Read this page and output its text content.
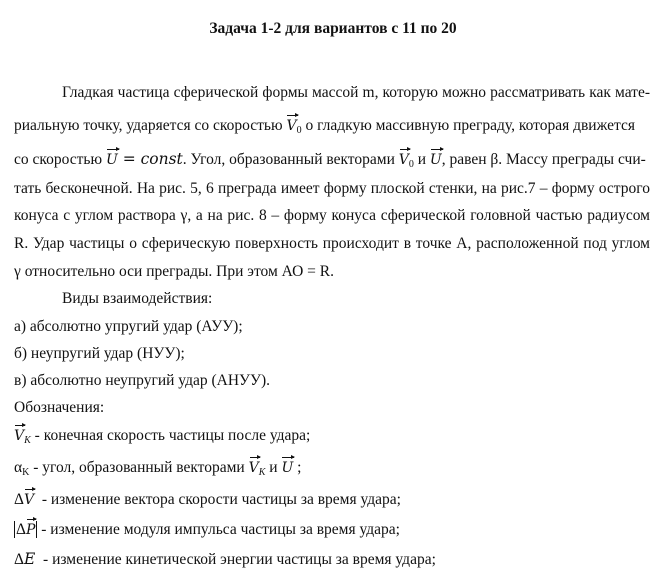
Задача 1-2 для вариантов с 11 по 20
Гладкая частица сферической формы массой m, которую можно рассматривать как мате-
риальную точку, ударяется со скоростью $V_0$ о гладкую массивную преграду, которая движется
со скоростью U = const. Угол, образованный векторами $V_0$ и U, равен β. Массу преграды счи-
тать бесконечной. На рис. 5, 6 преграда имеет форму плоской стенки, на рис.7 – форму острого
конуса с углом раствора γ, а на рис. 8 – форму конуса сферической головной частью радиусом
R. Удар частицы о сферическую поверхность происходит в точке А, расположенной под углом
γ относительно оси преграды. При этом АО = R.
Виды взаимодействия:
а) абсолютно упругий удар (АУУ);
б) неупругий удар (НУУ);
в) абсолютно неупругий удар (АНУУ).
Обозначения:
$V_K$ - конечная скорость частицы после удара;
$\alpha_K$ - угол, образованный векторами $V_K$ и U ;
ΔV - изменение вектора скорости частицы за время удара;
ΔP - изменение модуля импульса частицы за время удара;
ΔE - изменение кинетической энергии частицы за время удара;
